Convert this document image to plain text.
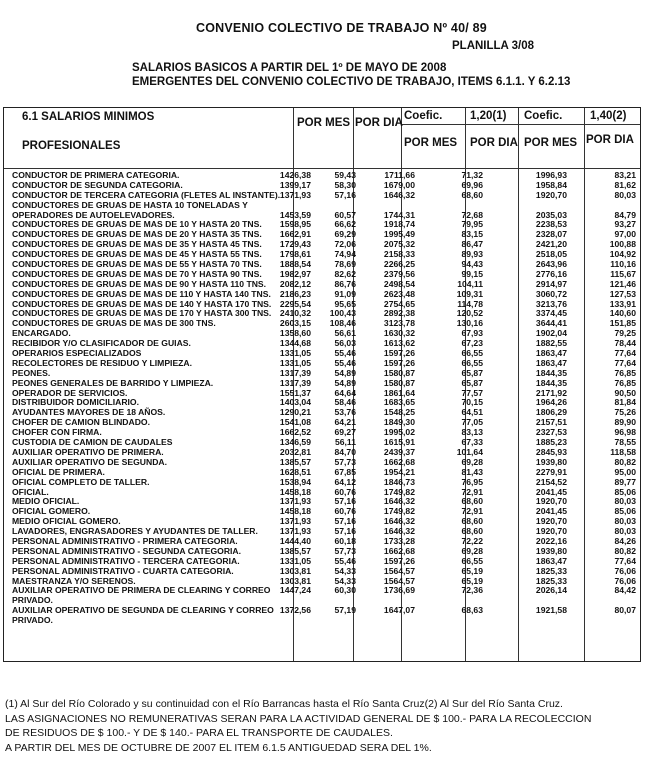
CONVENIO COLECTIVO DE TRABAJO Nº 40/ 89
PLANILLA 3/08
SALARIOS BASICOS A PARTIR DEL 1º DE MAYO DE 2008
EMERGENTES DEL CONVENIO COLECTIVO DE TRABAJO, ITEMS 6.1.1. Y 6.2.13
6.1 SALARIOS MINIMOS
PROFESIONALES
POR MES POR DIA
Coefic. 1,20(1)
POR MES POR DIA
Coefic. 1,40(2)
POR MES POR DIA
CONDUCTOR DE PRIMERA CATEGORIA.	1426,38	59,43	1711,66	71,32	1996,93	83,21
CONDUCTOR DE SEGUNDA CATEGORIA.	1399,17	58,30	1679,00	69,96	1958,84	81,62
CONDUCTOR DE TERCERA CATEGORIA (FLETES AL INSTANTE). 1371,93	57,16	1646,32	68,60	1920,70	80,03
CONDUCTORES DE GRUAS DE HASTA 10 TONELADAS Y
OPERADORES DE AUTOELEVADORES.	1453,59	60,57	1744,31	72,68	2035,03	84,79
CONDUCTORES DE GRUAS DE MAS DE 10 Y HASTA 20 TNS. 1598,95	66,62	1918,74	79,95	2238,53	93,27
CONDUCTORES DE GRUAS DE MAS DE 20 Y HASTA 35 TNS. 1662,91	69,29	1995,49	83,15	2328,07	97,00
CONDUCTORES DE GRUAS DE MAS DE 35 Y HASTA 45 TNS. 1729,43	72,06	2075,32	86,47	2421,20	100,88
CONDUCTORES DE GRUAS DE MAS DE 45 Y HASTA 55 TNS. 1798,61	74,94	2158,33	89,93	2518,05	104,92
CONDUCTORES DE GRUAS DE MAS DE 55 Y HASTA 70 TNS. 1888,54	78,69	2266,25	94,43	2643,96	110,16
CONDUCTORES DE GRUAS DE MAS DE 70 Y HASTA 90 TNS. 1982,97	82,62	2379,56	99,15	2776,16	115,67
CONDUCTORES DE GRUAS DE MAS DE 90 Y HASTA 110 TNS. 2082,12	86,76	2498,54	104,11	2914,97	121,46
CONDUCTORES DE GRUAS DE MAS DE 110 Y HASTA 140 TNS. 2186,23	91,09	2623,48	109,31	3060,72	127,53
CONDUCTORES DE GRUAS DE MAS DE 140 Y HASTA 170 TNS. 2295,54	95,65	2754,65	114,78	3213,76	133,91
CONDUCTORES DE GRUAS DE MAS DE 170 Y HASTA 300 TNS. 2410,32 100,43	2892,38	120,52	3374,45	140,60
CONDUCTORES DE GRUAS DE MAS DE 300 TNS.	2603,15 108,46	3123,78	130,16	3644,41	151,85
ENCARGADO.	1358,60	56,61	1630,32	67,93	1902,04	79,25
RECIBIDOR Y/O CLASIFICADOR DE GUIAS.	1344,68	56,03	1613,62	67,23	1882,55	78,44
OPERARIOS ESPECIALIZADOS	1331,05	55,46	1597,26	66,55	1863,47	77,64
RECOLECTORES DE RESIDUO Y LIMPIEZA.	1331,05	55,46	1597,26	66,55	1863,47	77,64
PEONES.	1317,39	54,89	1580,87	65,87	1844,35	76,85
PEONES GENERALES DE BARRIDO Y LIMPIEZA.	1317,39	54,89	1580,87	65,87	1844,35	76,85
OPERADOR DE SERVICIOS.	1551,37	64,64	1861,64	77,57	2171,92	90,50
DISTRIBUIDOR DOMICILIARIO.	1403,04	58,46	1683,65	70,15	1964,26	81,84
AYUDANTES MAYORES DE 18 AÑOS.	1290,21	53,76	1548,25	64,51	1806,29	75,26
CHOFER DE CAMION BLINDADO.	1541,08	64,21	1849,30	77,05	2157,51	89,90
CHOFER CON FIRMA.	1662,52	69,27	1995,02	83,13	2327,53	96,98
CUSTODIA DE CAMION DE CAUDALES	1346,59	56,11	1615,91	67,33	1885,23	78,55
AUXILIAR OPERATIVO DE PRIMERA.	2032,81	84,70	2439,37	101,64	2845,93	118,58
AUXILIAR OPERATIVO DE SEGUNDA.	1385,57	57,73	1662,68	69,28	1939,80	80,82
OFICIAL DE PRIMERA.	1628,51	67,85	1954,21	81,43	2279,91	95,00
OFICIAL COMPLETO DE TALLER.	1538,94	64,12	1846,73	76,95	2154,52	89,77
OFICIAL.	1458,18	60,76	1749,82	72,91	2041,45	85,06
MEDIO OFICIAL.	1371,93	57,16	1646,32	68,60	1920,70	80,03
OFICIAL GOMERO.	1458,18	60,76	1749,82	72,91	2041,45	85,06
MEDIO OFICIAL GOMERO.	1371,93	57,16	1646,32	68,60	1920,70	80,03
LAVADORES, ENGRASADORES Y AYUDANTES DE TALLER.	1371,93	57,16	1646,32	68,60	1920,70	80,03
PERSONAL ADMINISTRATIVO - PRIMERA CATEGORIA.	1444,40	60,18	1733,28	72,22	2022,16	84,26
PERSONAL ADMINISTRATIVO - SEGUNDA CATEGORIA.	1385,57	57,73	1662,68	69,28	1939,80	80,82
PERSONAL ADMINISTRATIVO - TERCERA CATEGORIA.	1331,05	55,46	1597,26	66,55	1863,47	77,64
PERSONAL ADMINISTRATIVO - CUARTA CATEGORIA.	1303,81	54,33	1564,57	65,19	1825,33	76,06
MAESTRANZA Y/O SERENOS.	1303,81	54,33	1564,57	65,19	1825,33	76,06
AUXILIAR OPERATIVO DE PRIMERA DE CLEARING Y CORREO 1447,24	60,30	1736,69	72,36	2026,14	84,42
PRIVADO.
AUXILIAR OPERATIVO DE SEGUNDA DE CLEARING Y CORREO 1372,56	57,19	1647,07	68,63	1921,58	80,07
PRIVADO.
(1) Al Sur del Río Colorado y su continuidad con el Río Barrancas hasta el Río Santa Cruz(2) Al Sur del Río Santa Cruz.
LAS ASIGNACIONES NO REMUNERATIVAS SERAN PARA LA ACTIVIDAD GENERAL DE $ 100.- PARA LA RECOLECCION
DE RESIDUOS DE $ 100.- Y DE $ 140.- PARA EL TRANSPORTE DE CAUDALES.
A PARTIR DEL MES DE OCTUBRE DE 2007 EL ITEM 6.1.5 ANTIGUEDAD SERA DEL 1%.
